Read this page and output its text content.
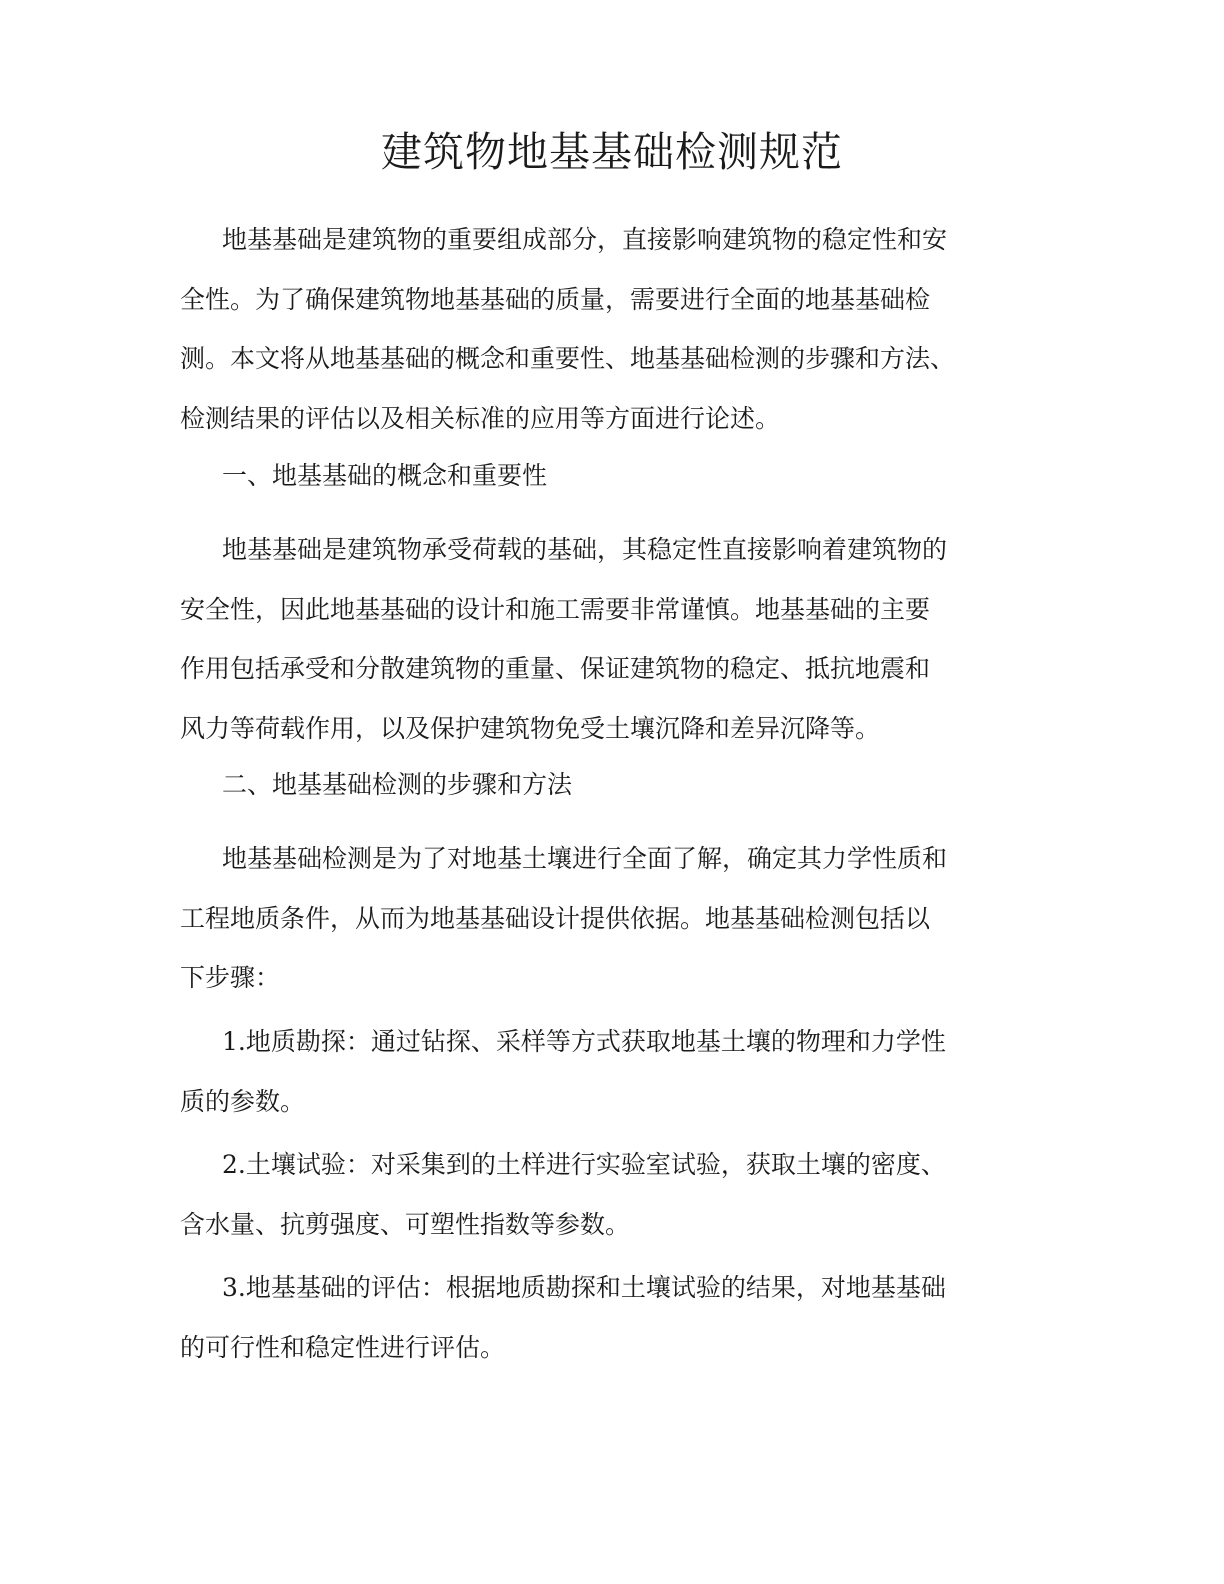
建筑物地基基础检测规范
地基基础是建筑物的重要组成部分，直接影响建筑物的稳定性和安
全性。为了确保建筑物地基基础的质量，需要进行全面的地基基础检
测。本文将从地基基础的概念和重要性、地基基础检测的步骤和方法、
检测结果的评估以及相关标准的应用等方面进行论述。
一、地基基础的概念和重要性
地基基础是建筑物承受荷载的基础，其稳定性直接影响着建筑物的
安全性，因此地基基础的设计和施工需要非常谨慎。地基基础的主要
作用包括承受和分散建筑物的重量、保证建筑物的稳定、抵抗地震和
风力等荷载作用，以及保护建筑物免受土壤沉降和差异沉降等。
二、地基基础检测的步骤和方法
地基基础检测是为了对地基土壤进行全面了解，确定其力学性质和
工程地质条件，从而为地基基础设计提供依据。地基基础检测包括以
下步骤：
1.地质勘探：通过钻探、采样等方式获取地基土壤的物理和力学性
质的参数。
2.土壤试验：对采集到的土样进行实验室试验，获取土壤的密度、
含水量、抗剪强度、可塑性指数等参数。
3.地基基础的评估：根据地质勘探和土壤试验的结果，对地基基础
的可行性和稳定性进行评估。
